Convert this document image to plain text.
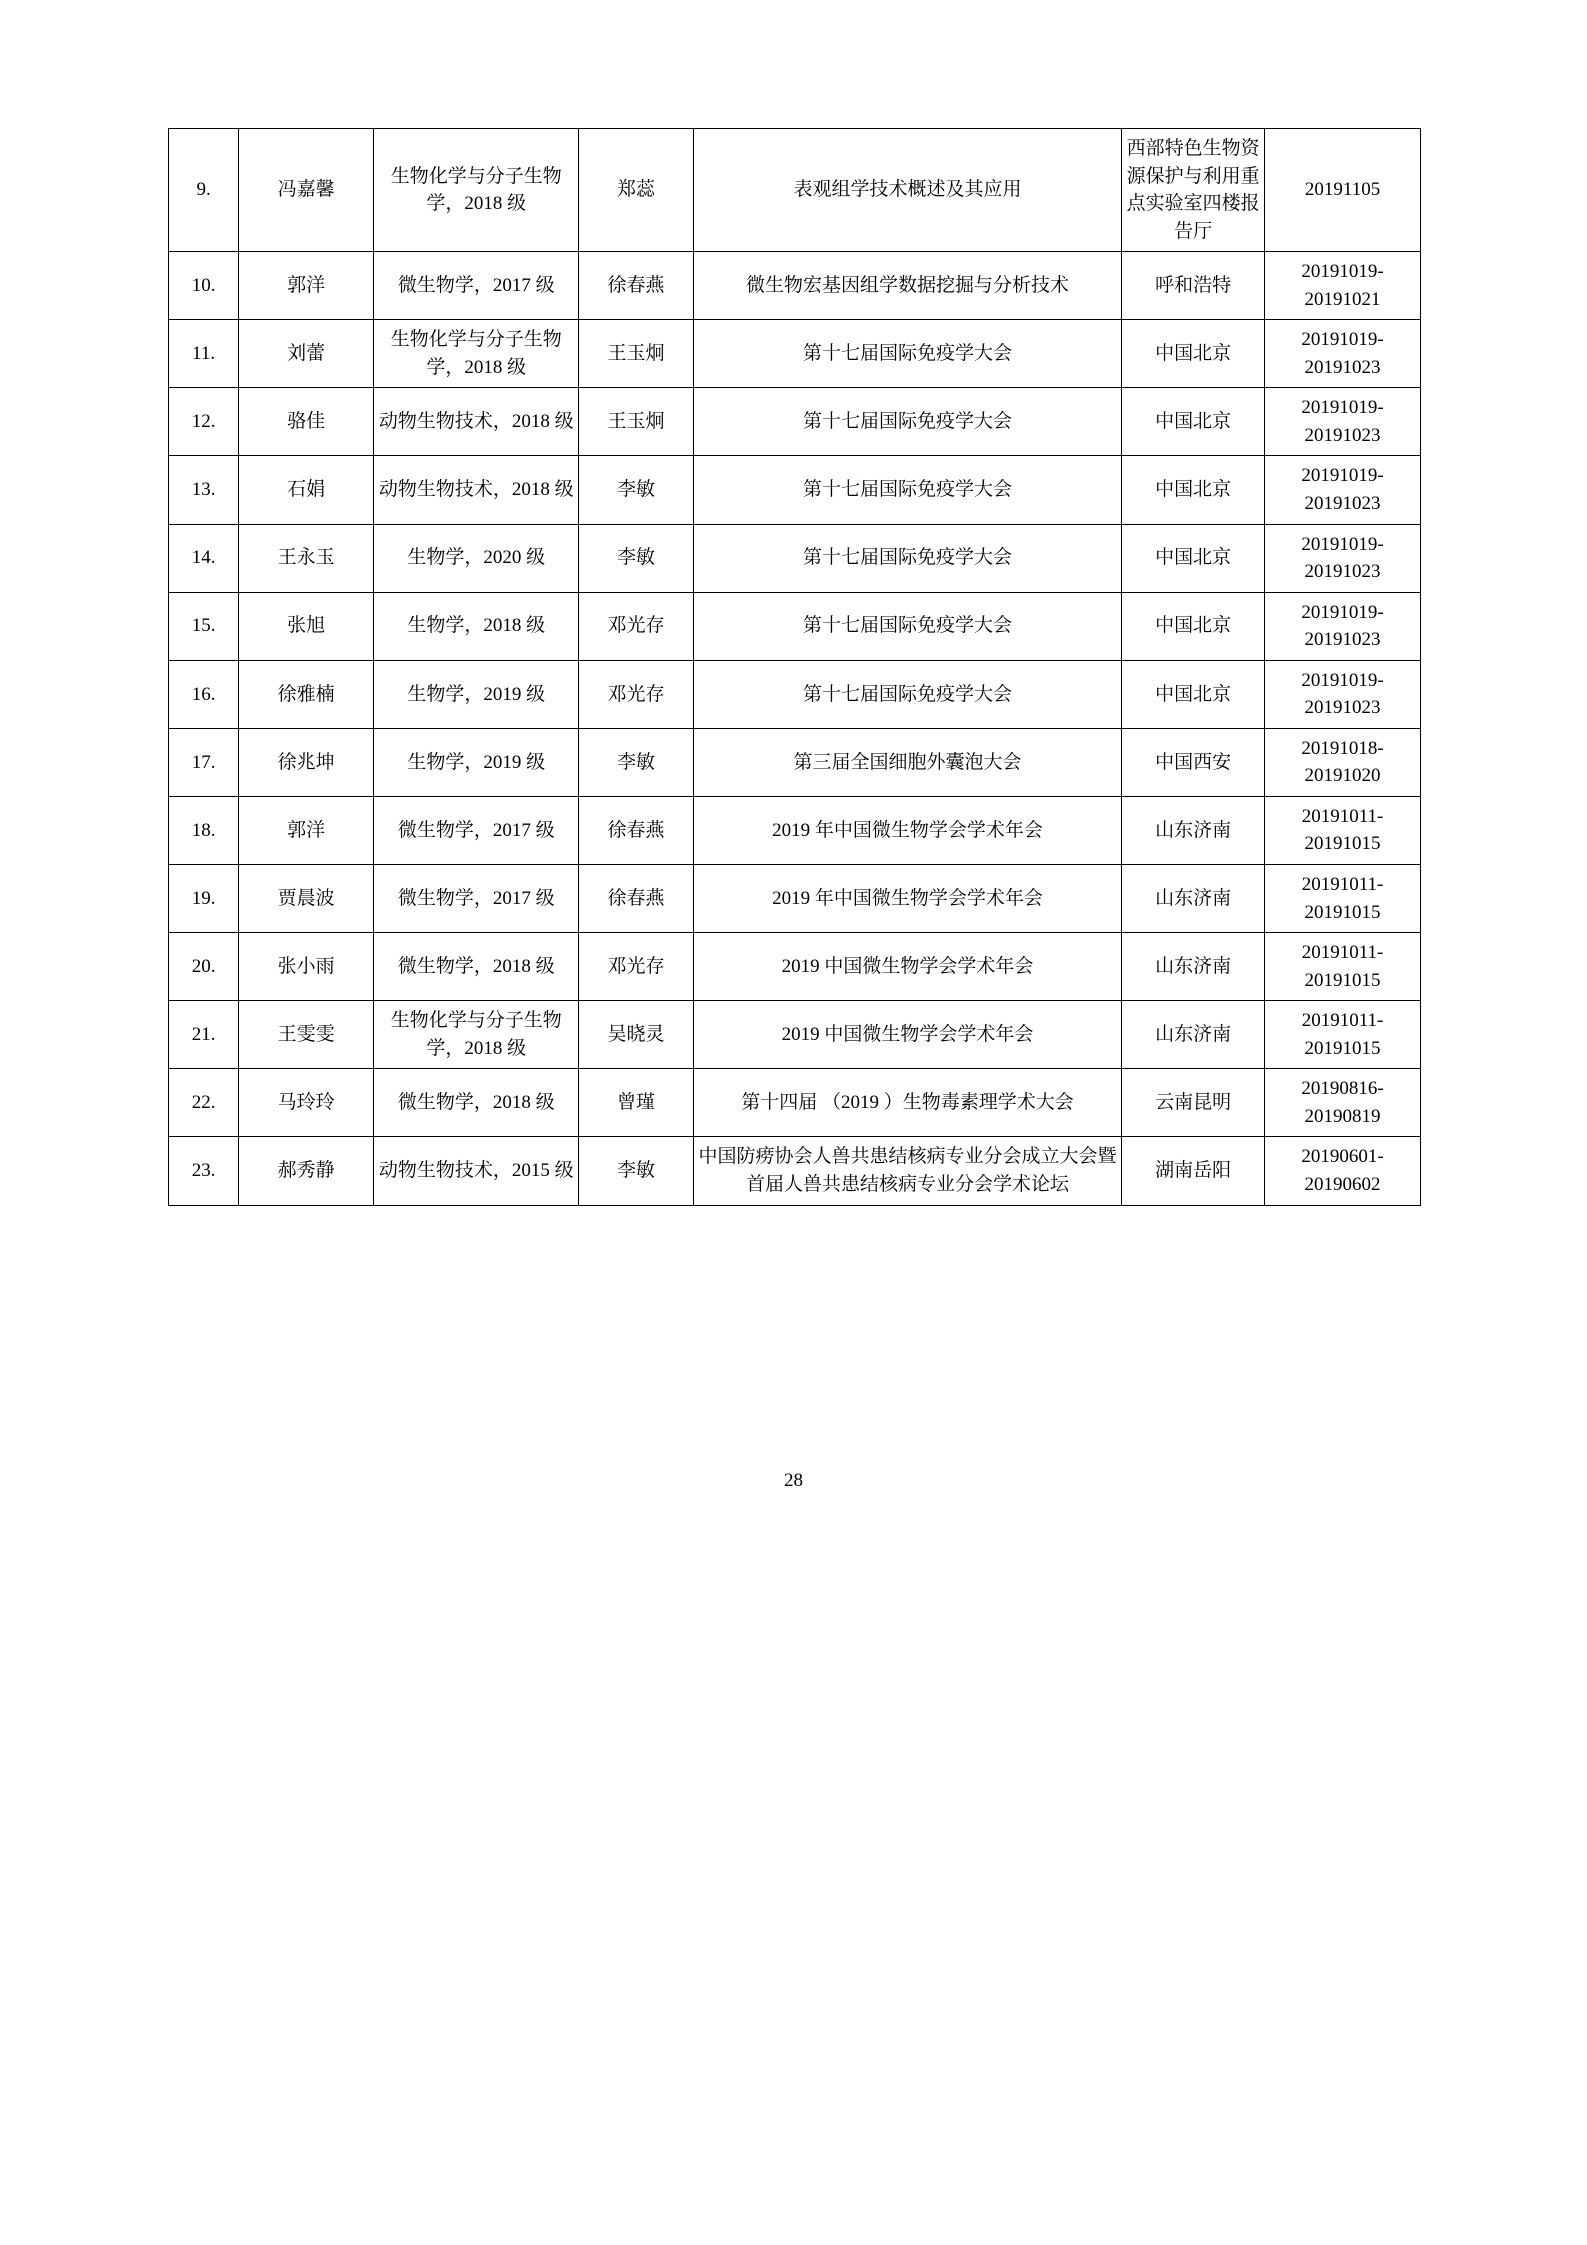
9.	冯嘉馨	生物化学与分子生物学，2018 级	郑蕊	表观组学技术概述及其应用	西部特色生物资源保护与利用重点实验室四楼报告厅	20191105
10.	郭洋	微生物学，2017 级	徐春燕	微生物宏基因组学数据挖掘与分析技术	呼和浩特	20191019-20191021
11.	刘蕾	生物化学与分子生物学，2018 级	王玉炯	第十七届国际免疫学大会	中国北京	20191019-20191023
12.	骆佳	动物生物技术，2018 级	王玉炯	第十七届国际免疫学大会	中国北京	20191019-20191023
13.	石娟	动物生物技术，2018 级	李敏	第十七届国际免疫学大会	中国北京	20191019-20191023
14.	王永玉	生物学，2020 级	李敏	第十七届国际免疫学大会	中国北京	20191019-20191023
15.	张旭	生物学，2018 级	邓光存	第十七届国际免疫学大会	中国北京	20191019-20191023
16.	徐雅楠	生物学，2019 级	邓光存	第十七届国际免疫学大会	中国北京	20191019-20191023
17.	徐兆坤	生物学，2019 级	李敏	第三届全国细胞外囊泡大会	中国西安	20191018-20191020
18.	郭洋	微生物学，2017 级	徐春燕	2019 年中国微生物学会学术年会	山东济南	20191011-20191015
19.	贾晨波	微生物学，2017 级	徐春燕	2019 年中国微生物学会学术年会	山东济南	20191011-20191015
20.	张小雨	微生物学，2018 级	邓光存	2019 中国微生物学会学术年会	山东济南	20191011-20191015
21.	王雯雯	生物化学与分子生物学，2018 级	吴晓灵	2019 中国微生物学会学术年会	山东济南	20191011-20191015
22.	马玲玲	微生物学，2018 级	曾瑾	第十四届 （2019 ）生物毒素理学术大会	云南昆明	20190816-20190819
23.	郝秀静	动物生物技术，2015 级	李敏	中国防痨协会人兽共患结核病专业分会成立大会暨首届人兽共患结核病专业分会学术论坛	湖南岳阳	20190601-20190602
28
